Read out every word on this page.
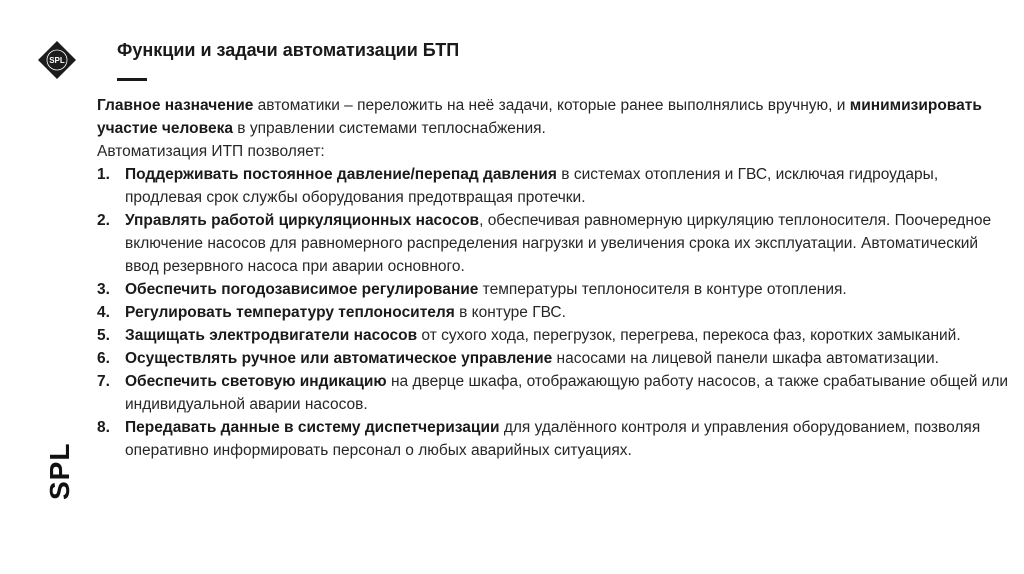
SPL
Функции и задачи автоматизации БТП
SPL

Главное назначение автоматики – переложить на неё задачи, которые ранее выполнялись вручную, и минимизировать участие человека в управлении системами теплоснабжения.

Автоматизация ИТП позволяет:

1. Поддерживать постоянное давление/перепад давления в системах отопления и ГВС, исключая гидроудары, продлевая срок службы оборудования предотвращая протечки.
2. Управлять работой циркуляционных насосов, обеспечивая равномерную циркуляцию теплоносителя. Поочередное включение насосов для равномерного распределения нагрузки и увеличения срока их эксплуатации. Автоматический ввод резервного насоса при аварии основного.
3. Обеспечить погодозависимое регулирование температуры теплоносителя в контуре отопления.
4. Регулировать температуру теплоносителя в контуре ГВС.
5. Защищать электродвигатели насосов от сухого хода, перегрузок, перегрева, перекоса фаз, коротких замыканий.
6. Осуществлять ручное или автоматическое управление насосами на лицевой панели шкафа автоматизации.
7. Обеспечить световую индикацию на дверце шкафа, отображающую работу насосов, а также срабатывание общей или индивидуальной аварии насосов.
8. Передавать данные в систему диспетчеризации для удалённого контроля и управления оборудованием, позволяя оперативно информировать персонал о любых аварийных ситуациях.
